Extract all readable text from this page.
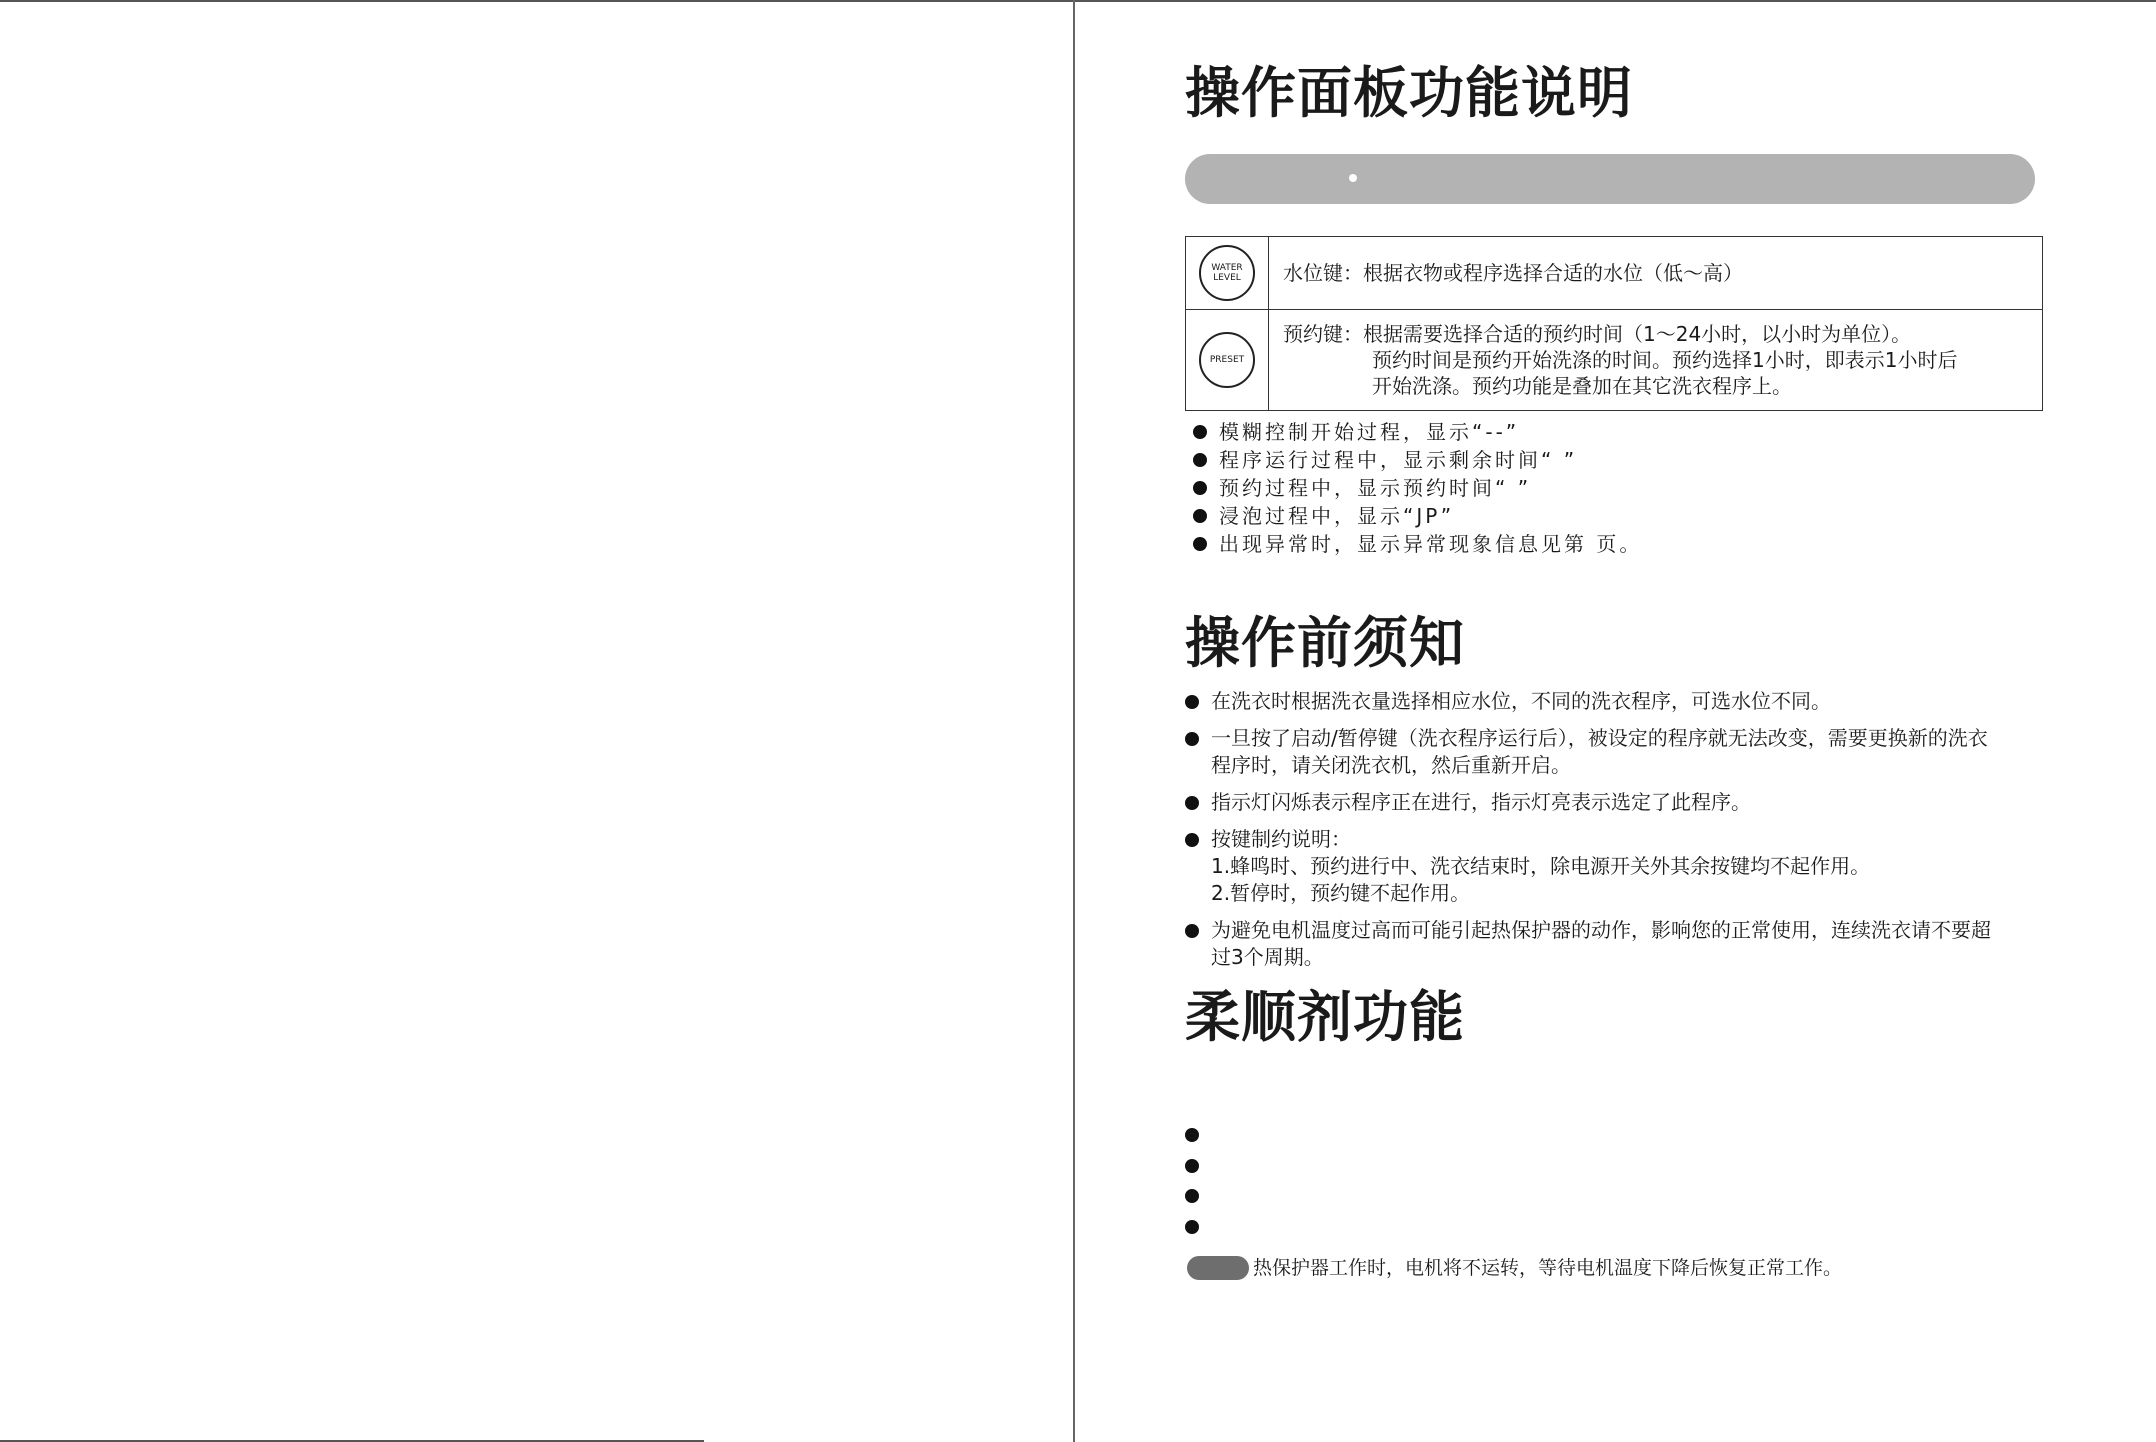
操作面板功能说明
WATER
LEVEL	水位键：根据衣物或程序选择合适的水位（低～高）

PRESET	预约键：根据需要选择合适的预约时间（1～24小时，以小时为单位）。
预约时间是预约开始洗涤的时间。预约选择1小时，即表示1小时后
开始洗涤。预约功能是叠加在其它洗衣程序上。
模糊控制开始过程，显示“--”
程序运行过程中，显示剩余时间“ ”
预约过程中，显示预约时间“ ”
浸泡过程中，显示“JP”
出现异常时，显示异常现象信息见第 页。
操作前须知
在洗衣时根据洗衣量选择相应水位，不同的洗衣程序，可选水位不同。
一旦按了启动/暂停键（洗衣程序运行后），被设定的程序就无法改变，需要更换新的洗衣
程序时，请关闭洗衣机，然后重新开启。
指示灯闪烁表示程序正在进行，指示灯亮表示选定了此程序。
按键制约说明：
1.蜂鸣时、预约进行中、洗衣结束时，除电源开关外其余按键均不起作用。
2.暂停时，预约键不起作用。
为避免电机温度过高而可能引起热保护器的动作，影响您的正常使用，连续洗衣请不要超
过3个周期。
柔顺剂功能
热保护器工作时，电机将不运转，等待电机温度下降后恢复正常工作。
